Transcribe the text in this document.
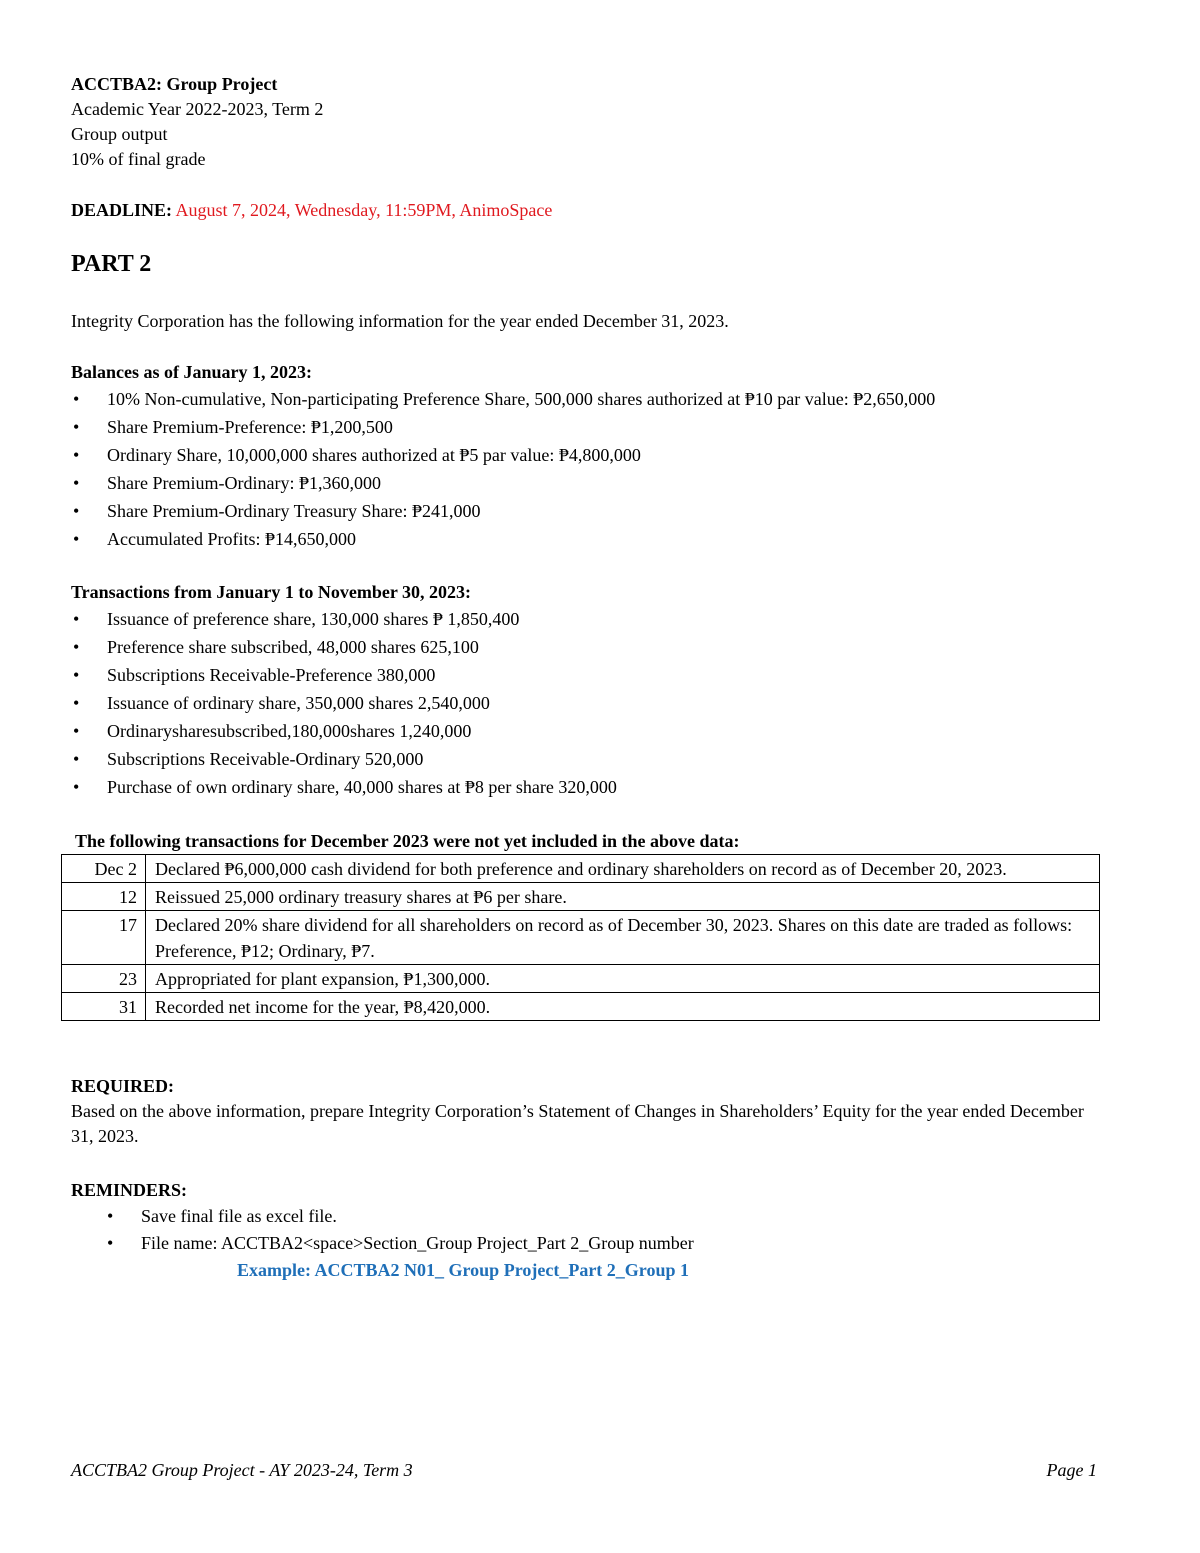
ACCTBA2: Group Project
Academic Year 2022-2023, Term 2
Group output
10% of final grade
DEADLINE: August 7, 2024, Wednesday, 11:59PM, AnimoSpace
PART 2
Integrity Corporation has the following information for the year ended December 31, 2023.
Balances as of January 1, 2023:
• 10% Non-cumulative, Non-participating Preference Share, 500,000 shares authorized at ₱10 par value: ₱2,650,000
• Share Premium-Preference: ₱1,200,500
• Ordinary Share, 10,000,000 shares authorized at ₱5 par value: ₱4,800,000
• Share Premium-Ordinary: ₱1,360,000
• Share Premium-Ordinary Treasury Share: ₱241,000
• Accumulated Profits: ₱14,650,000
Transactions from January 1 to November 30, 2023:
• Issuance of preference share, 130,000 shares ₱ 1,850,400
• Preference share subscribed, 48,000 shares 625,100
• Subscriptions Receivable-Preference 380,000
• Issuance of ordinary share, 350,000 shares 2,540,000
• Ordinarysharesubscribed,180,000shares 1,240,000
• Subscriptions Receivable-Ordinary 520,000
• Purchase of own ordinary share, 40,000 shares at ₱8 per share 320,000
The following transactions for December 2023 were not yet included in the above data:
Dec 2	Declared ₱6,000,000 cash dividend for both preference and ordinary shareholders on record as of December 20, 2023.
12	Reissued 25,000 ordinary treasury shares at ₱6 per share.
17	Declared 20% share dividend for all shareholders on record as of December 30, 2023. Shares on this date are traded as follows: Preference, ₱12; Ordinary, ₱7.
23	Appropriated for plant expansion, ₱1,300,000.
31	Recorded net income for the year, ₱8,420,000.
REQUIRED:
Based on the above information, prepare Integrity Corporation’s Statement of Changes in Shareholders’ Equity for the year ended December 31, 2023.
REMINDERS:
• Save final file as excel file.
• File name: ACCTBA2<space>Section_Group Project_Part 2_Group number
Example: ACCTBA2 N01_ Group Project_Part 2_Group 1
ACCTBA2 Group Project - AY 2023-24, Term 3	Page 1
